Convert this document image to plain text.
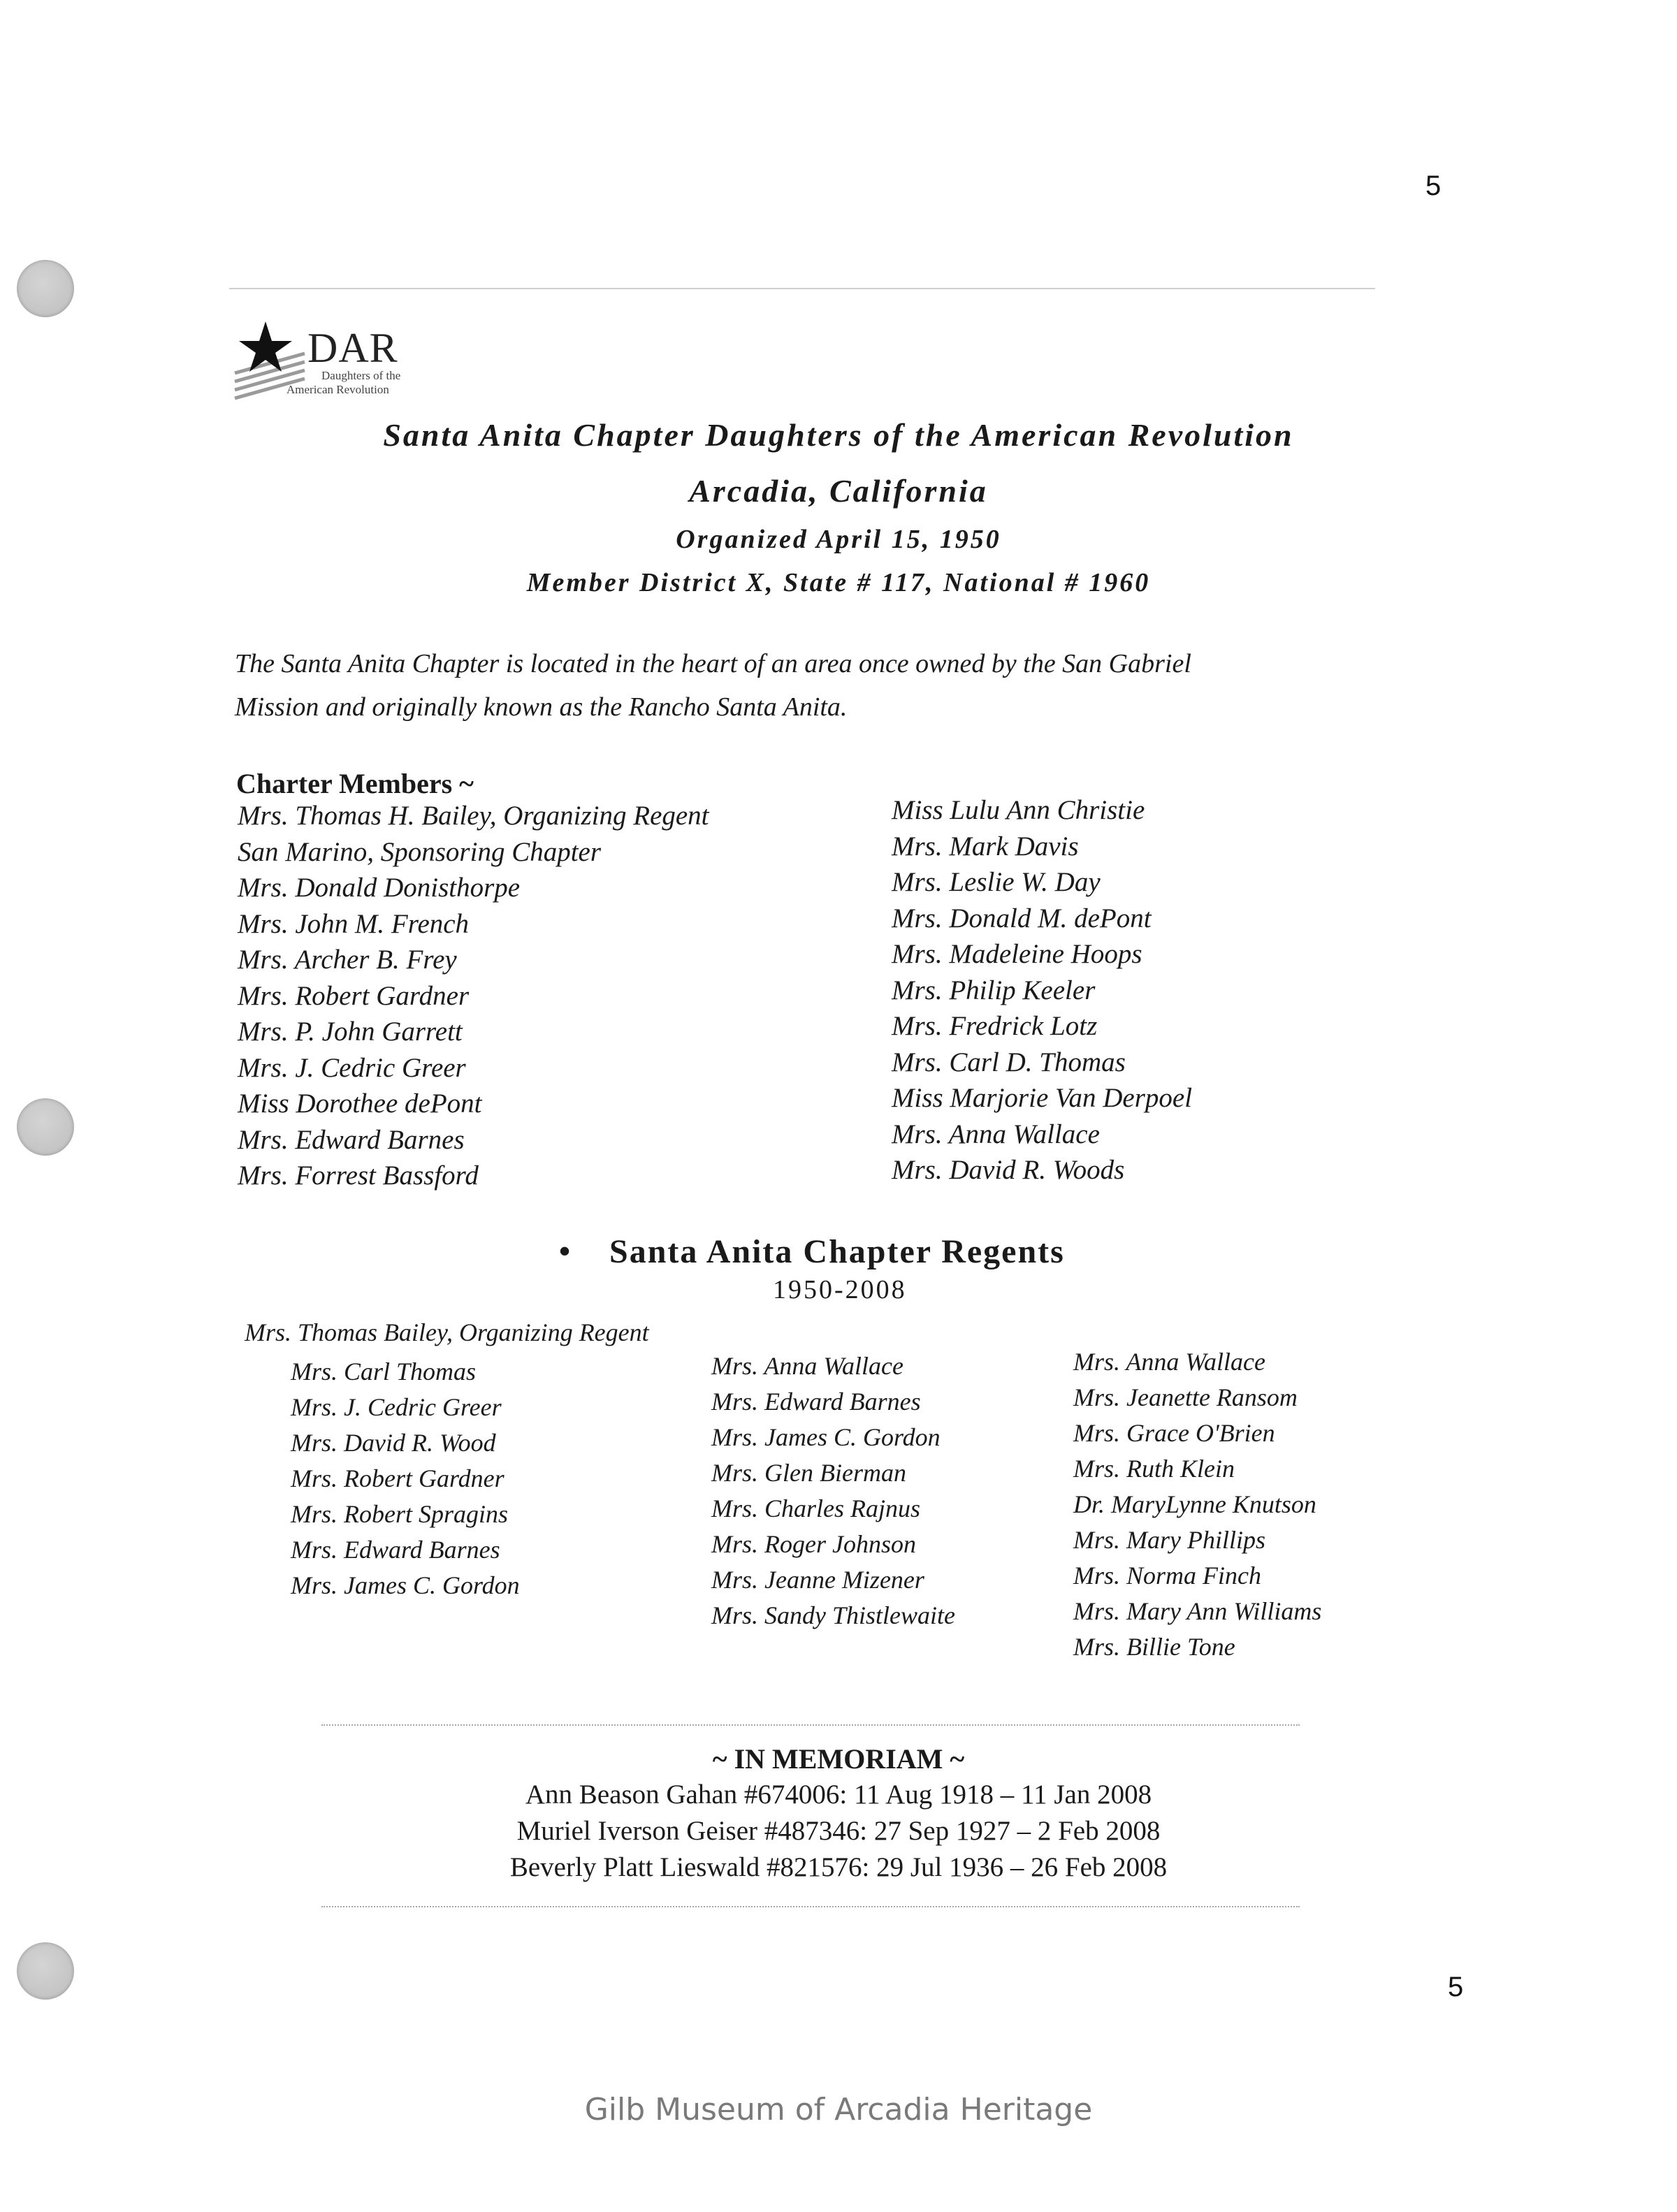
5
5
DAR
Daughters of the
American Revolution
Santa Anita Chapter Daughters of the American Revolution
Arcadia, California
Organized April 15, 1950
Member District X, State # 117, National # 1960
The Santa Anita Chapter is located in the heart of an area once owned by the San Gabriel
Mission and originally known as the Rancho Santa Anita.
Charter Members ~
Mrs. Thomas H. Bailey, Organizing Regent
San Marino, Sponsoring Chapter
Mrs. Donald Donisthorpe
Mrs. John M. French
Mrs. Archer B. Frey
Mrs. Robert Gardner
Mrs. P. John Garrett
Mrs. J. Cedric Greer
Miss Dorothee dePont
Mrs. Edward Barnes
Mrs. Forrest Bassford
Miss Lulu Ann Christie
Mrs. Mark Davis
Mrs. Leslie W. Day
Mrs. Donald M. dePont
Mrs. Madeleine Hoops
Mrs. Philip Keeler
Mrs. Fredrick Lotz
Mrs. Carl D. Thomas
Miss Marjorie Van Derpoel
Mrs. Anna Wallace
Mrs. David R. Woods
• Santa Anita Chapter Regents
1950-2008
Mrs. Thomas Bailey, Organizing Regent
Mrs. Carl Thomas
Mrs. J. Cedric Greer
Mrs. David R. Wood
Mrs. Robert Gardner
Mrs. Robert Spragins
Mrs. Edward Barnes
Mrs. James C. Gordon
Mrs. Anna Wallace
Mrs. Edward Barnes
Mrs. James C. Gordon
Mrs. Glen Bierman
Mrs. Charles Rajnus
Mrs. Roger Johnson
Mrs. Jeanne Mizener
Mrs. Sandy Thistlewaite
Mrs. Anna Wallace
Mrs. Jeanette Ransom
Mrs. Grace O'Brien
Mrs. Ruth Klein
Dr. MaryLynne Knutson
Mrs. Mary Phillips
Mrs. Norma Finch
Mrs. Mary Ann Williams
Mrs. Billie Tone
~ IN MEMORIAM ~
Ann Beason Gahan #674006: 11 Aug 1918 – 11 Jan 2008
Muriel Iverson Geiser #487346: 27 Sep 1927 – 2 Feb 2008
Beverly Platt Lieswald #821576: 29 Jul 1936 – 26 Feb 2008
Gilb Museum of Arcadia Heritage
